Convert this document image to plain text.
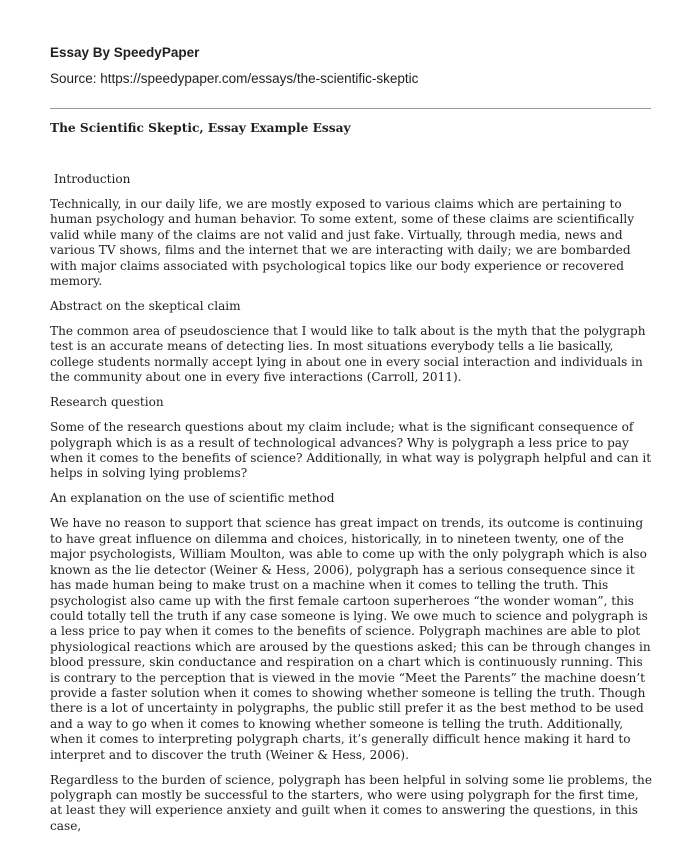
Essay By SpeedyPaper
Source: https://speedypaper.com/essays/the-scientific-skeptic
The Scientific Skeptic, Essay Example Essay

Introduction

Technically, in our daily life, we are mostly exposed to various claims which are pertaining to human psychology and human behavior. To some extent, some of these claims are scientifically valid while many of the claims are not valid and just fake. Virtually, through media, news and various TV shows, films and the internet that we are interacting with daily; we are bombarded with major claims associated with psychological topics like our body experience or recovered memory.

Abstract on the skeptical claim

The common area of pseudoscience that I would like to talk about is the myth that the polygraph test is an accurate means of detecting lies. In most situations everybody tells a lie basically, college students normally accept lying in about one in every social interaction and individuals in the community about one in every five interactions (Carroll, 2011).

Research question

Some of the research questions about my claim include; what is the significant consequence of polygraph which is as a result of technological advances? Why is polygraph a less price to pay when it comes to the benefits of science? Additionally, in what way is polygraph helpful and can it helps in solving lying problems?

An explanation on the use of scientific method

We have no reason to support that science has great impact on trends, its outcome is continuing to have great influence on dilemma and choices, historically, in to nineteen twenty, one of the major psychologists, William Moulton, was able to come up with the only polygraph which is also known as the lie detector (Weiner & Hess, 2006), polygraph has a serious consequence since it has made human being to make trust on a machine when it comes to telling the truth. This psychologist also came up with the first female cartoon superheroes “the wonder woman”, this could totally tell the truth if any case someone is lying. We owe much to science and polygraph is a less price to pay when it comes to the benefits of science. Polygraph machines are able to plot physiological reactions which are aroused by the questions asked; this can be through changes in blood pressure, skin conductance and respiration on a chart which is continuously running. This is contrary to the perception that is viewed in the movie “Meet the Parents” the machine doesn’t provide a faster solution when it comes to showing whether someone is telling the truth. Though there is a lot of uncertainty in polygraphs, the public still prefer it as the best method to be used and a way to go when it comes to knowing whether someone is telling the truth. Additionally, when it comes to interpreting polygraph charts, it’s generally difficult hence making it hard to interpret and to discover the truth (Weiner & Hess, 2006).

Regardless to the burden of science, polygraph has been helpful in solving some lie problems, the polygraph can mostly be successful to the starters, who were using polygraph for the first time, at least they will experience anxiety and guilt when it comes to answering the questions, in this case,
